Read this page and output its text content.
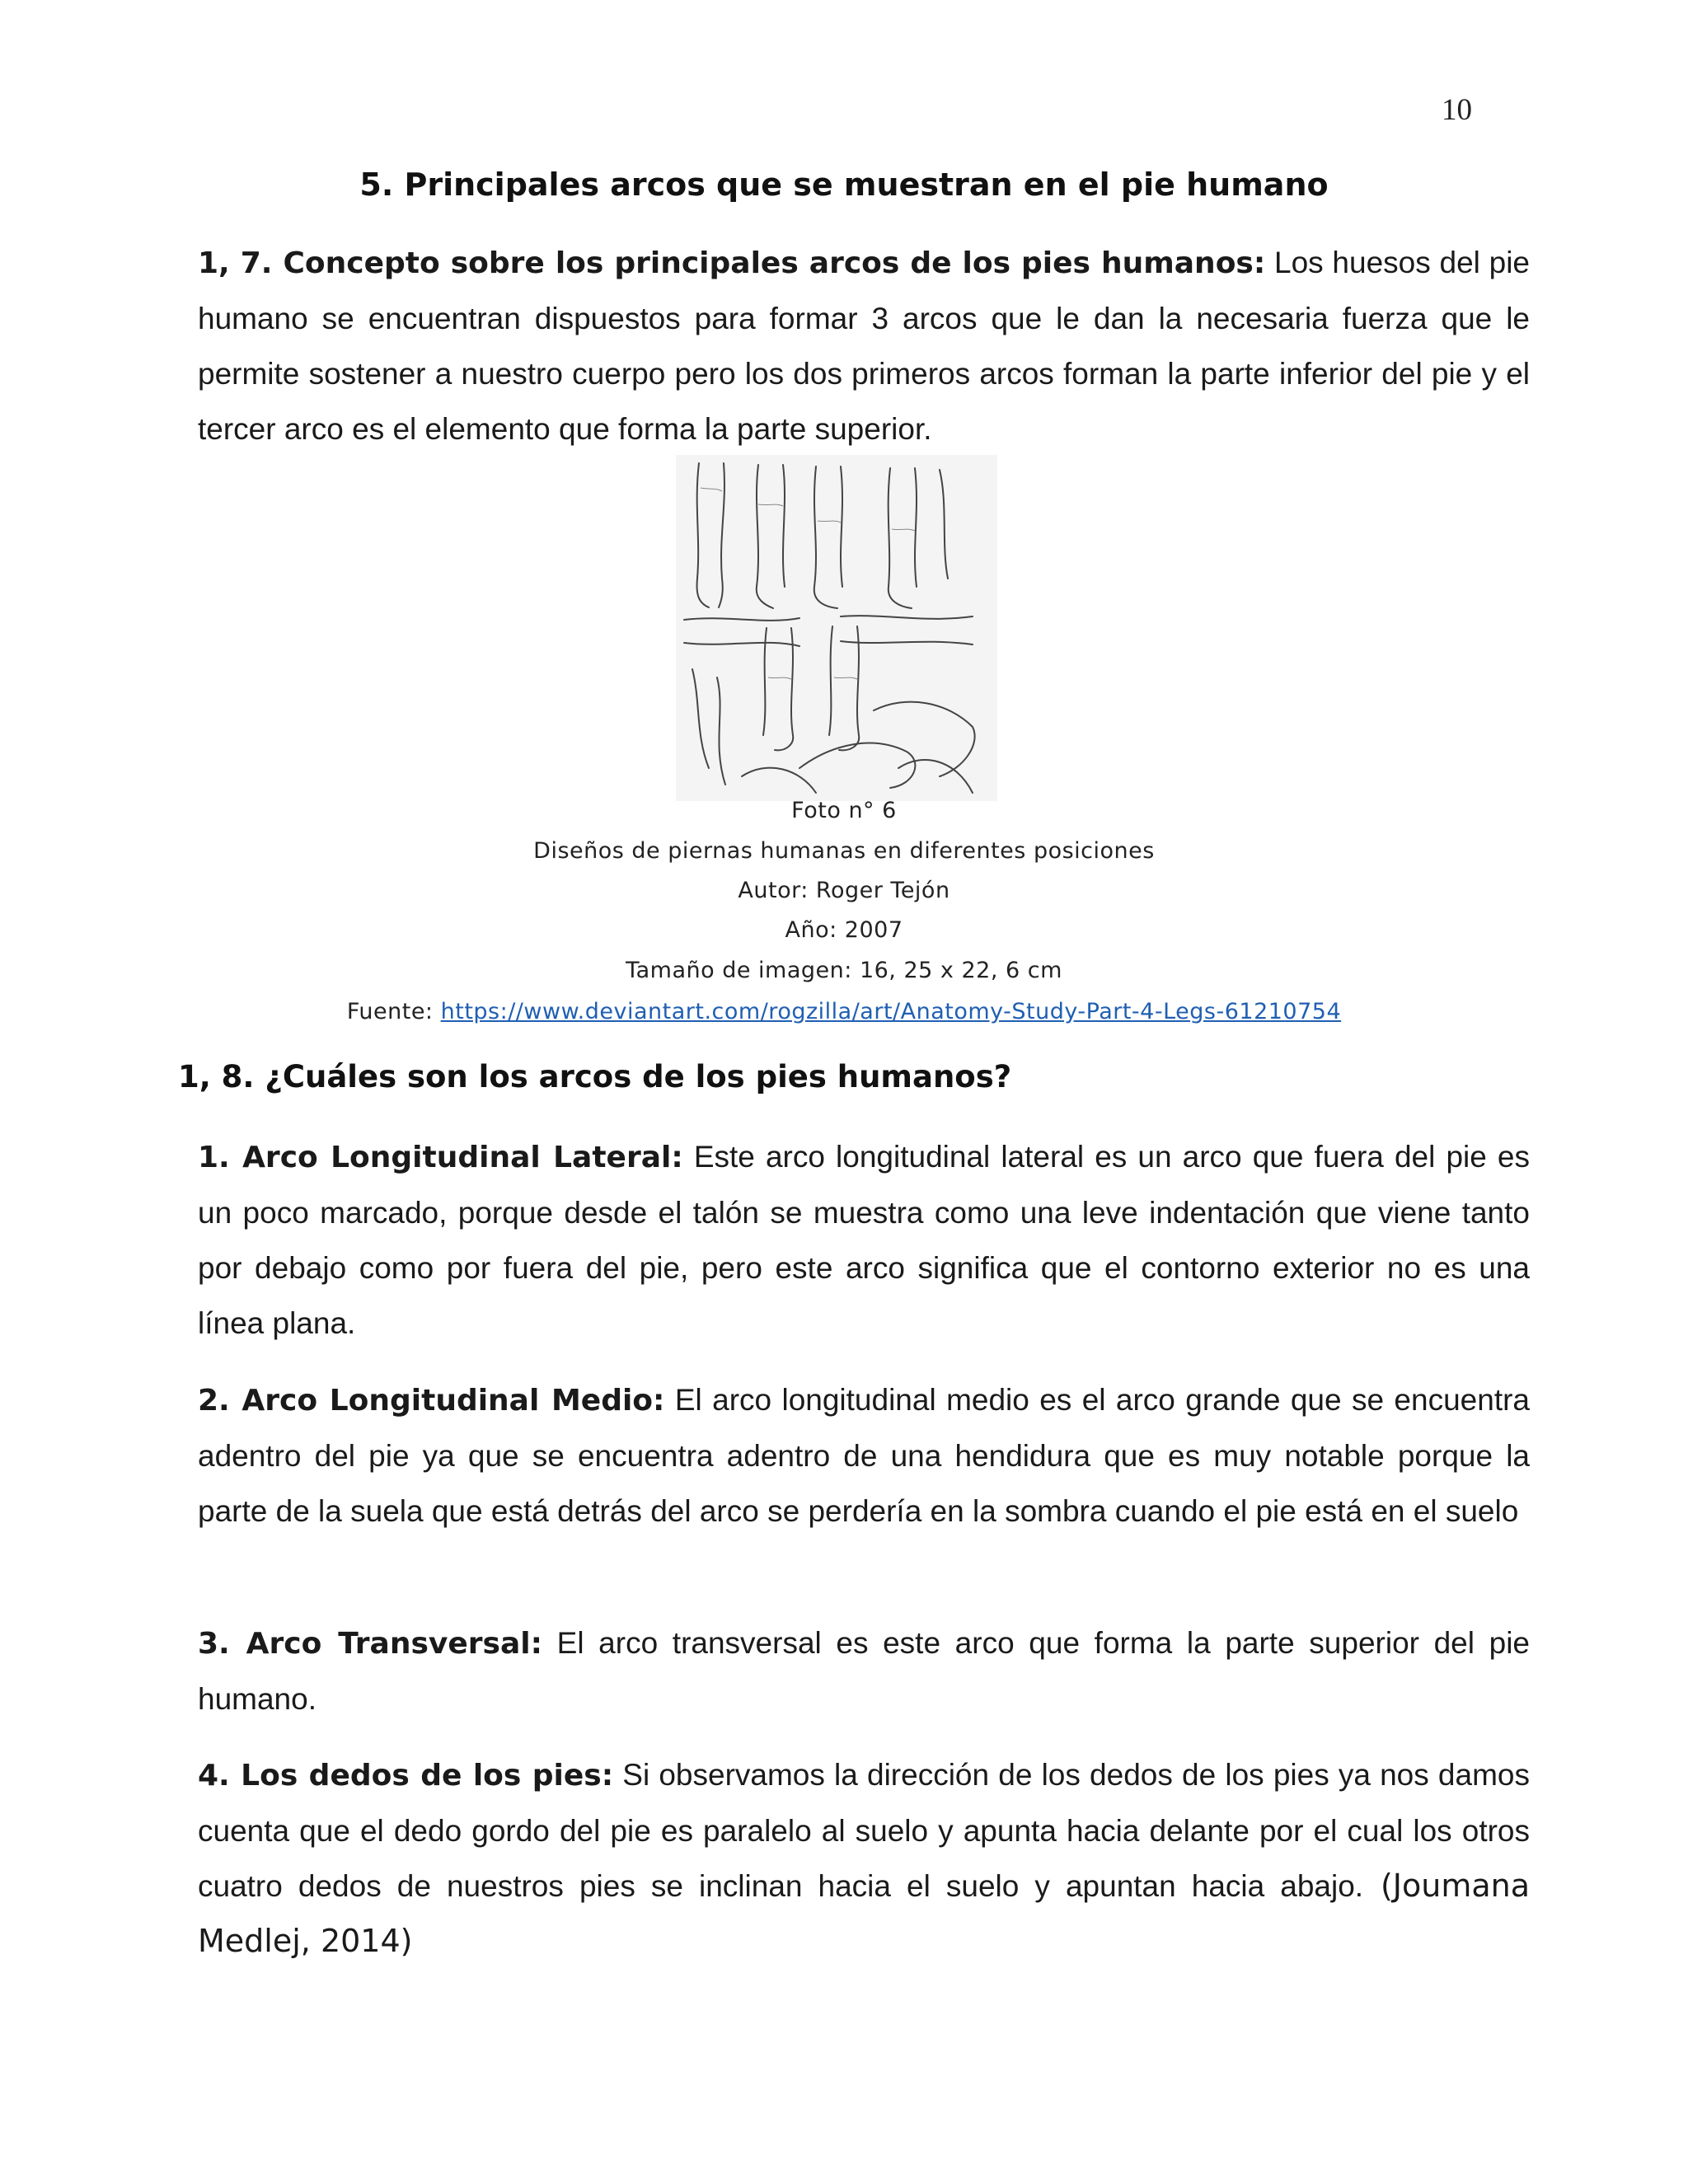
10
5. Principales arcos que se muestran en el pie humano
1, 7. Concepto sobre los principales arcos de los pies humanos: Los huesos del pie humano se encuentran dispuestos para formar 3 arcos que le dan la necesaria fuerza que le permite sostener a nuestro cuerpo pero los dos primeros arcos forman la parte inferior del pie y el tercer arco es el elemento que forma la parte superior.
Foto n° 6
Diseños de piernas humanas en diferentes posiciones
Autor: Roger Tejón
Año: 2007
Tamaño de imagen: 16, 25 x 22, 6 cm
Fuente: https://www.deviantart.com/rogzilla/art/Anatomy-Study-Part-4-Legs-61210754
1, 8. ¿Cuáles son los arcos de los pies humanos?
1. Arco Longitudinal Lateral: Este arco longitudinal lateral es un arco que fuera del pie es un poco marcado, porque desde el talón se muestra como una leve indentación que viene tanto por debajo como por fuera del pie, pero este arco significa que el contorno exterior no es una línea plana.
2. Arco Longitudinal Medio: El arco longitudinal medio es el arco grande que se encuentra adentro del pie ya que se encuentra adentro de una hendidura que es muy notable porque la parte de la suela que está detrás del arco se perdería en la sombra cuando el pie está en el suelo
3. Arco Transversal: El arco transversal es este arco que forma la parte superior del pie humano.
4. Los dedos de los pies: Si observamos la dirección de los dedos de los pies ya nos damos cuenta que el dedo gordo del pie es paralelo al suelo y apunta hacia delante por el cual los otros cuatro dedos de nuestros pies se inclinan hacia el suelo y apuntan hacia abajo. (Joumana Medlej, 2014)
